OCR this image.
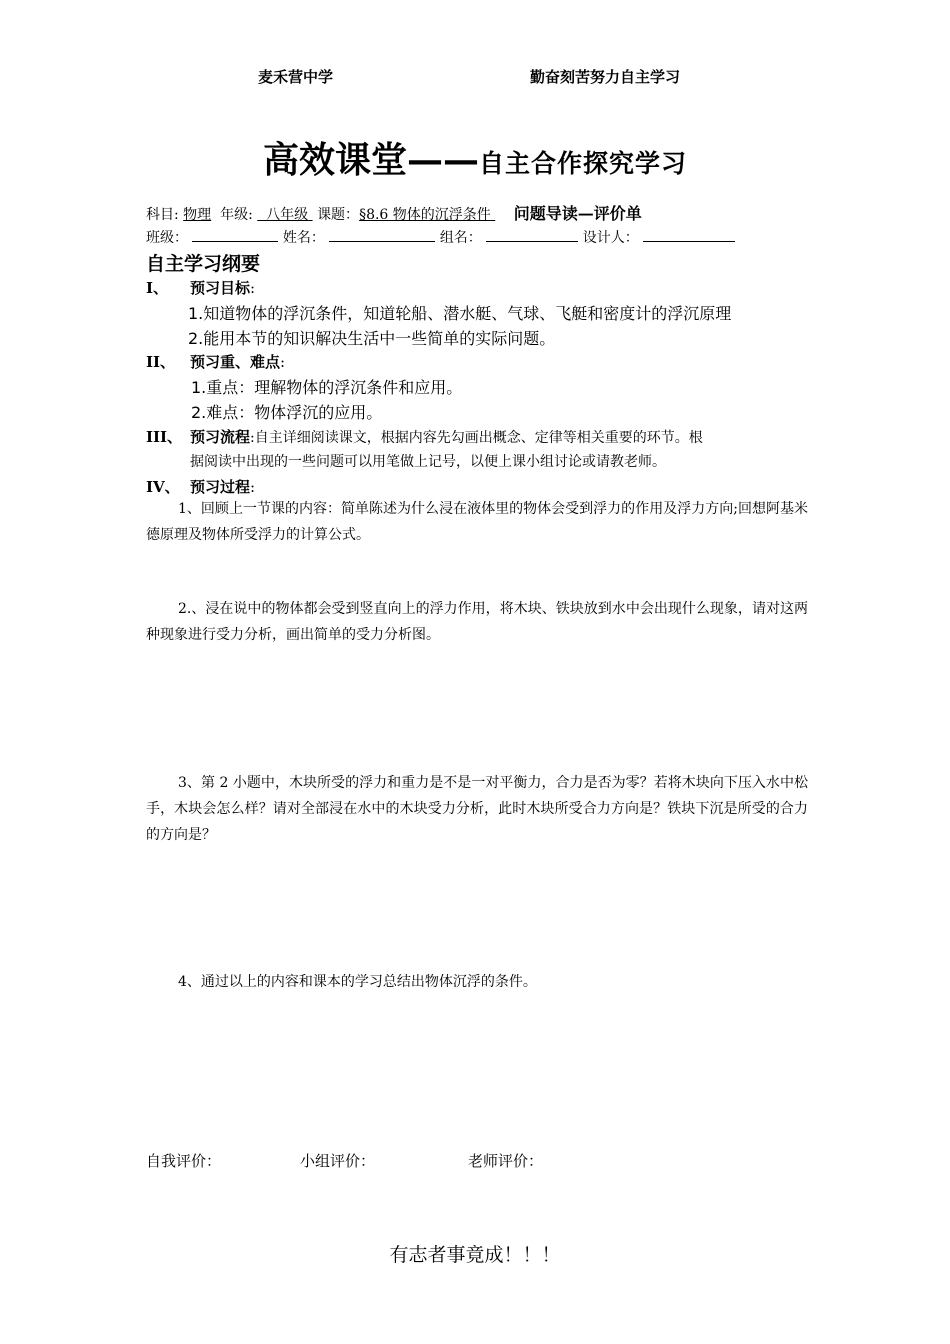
麦禾营中学	勤奋刻苦努力自主学习
高效课堂——自主合作探究学习
科目: 物理 年级: 八年级 课题：§8.6 物体的沉浮条件 问题导读—评价单
班级：	姓名：	组名：	设计人：
自主学习纲要
I、 预习目标:
1.知道物体的浮沉条件，知道轮船、潜水艇、气球、飞艇和密度计的浮沉原理
2.能用本节的知识解决生活中一些简单的实际问题。
II、 预习重、难点:
1.重点：理解物体的浮沉条件和应用。
2.难点：物体浮沉的应用。
III、 预习流程:自主详细阅读课文，根据内容先勾画出概念、定律等相关重要的环节。根
据阅读中出现的一些问题可以用笔做上记号，以便上课小组讨论或请教老师。
IV、 预习过程:
1、回顾上一节课的内容：简单陈述为什么浸在液体里的物体会受到浮力的作用及浮力方向;回想阿基米德原理及物体所受浮力的计算公式。
2.、浸在说中的物体都会受到竖直向上的浮力作用，将木块、铁块放到水中会出现什么现象，请对这两种现象进行受力分析，画出简单的受力分析图。
3、第 2 小题中，木块所受的浮力和重力是不是一对平衡力，合力是否为零？若将木块向下压入水中松手，木块会怎么样？请对全部浸在水中的木块受力分析，此时木块所受合力方向是？铁块下沉是所受的合力的方向是？
4、通过以上的内容和课本的学习总结出物体沉浮的条件。
自我评价：	小组评价：	老师评价：
有志者事竟成！！！
